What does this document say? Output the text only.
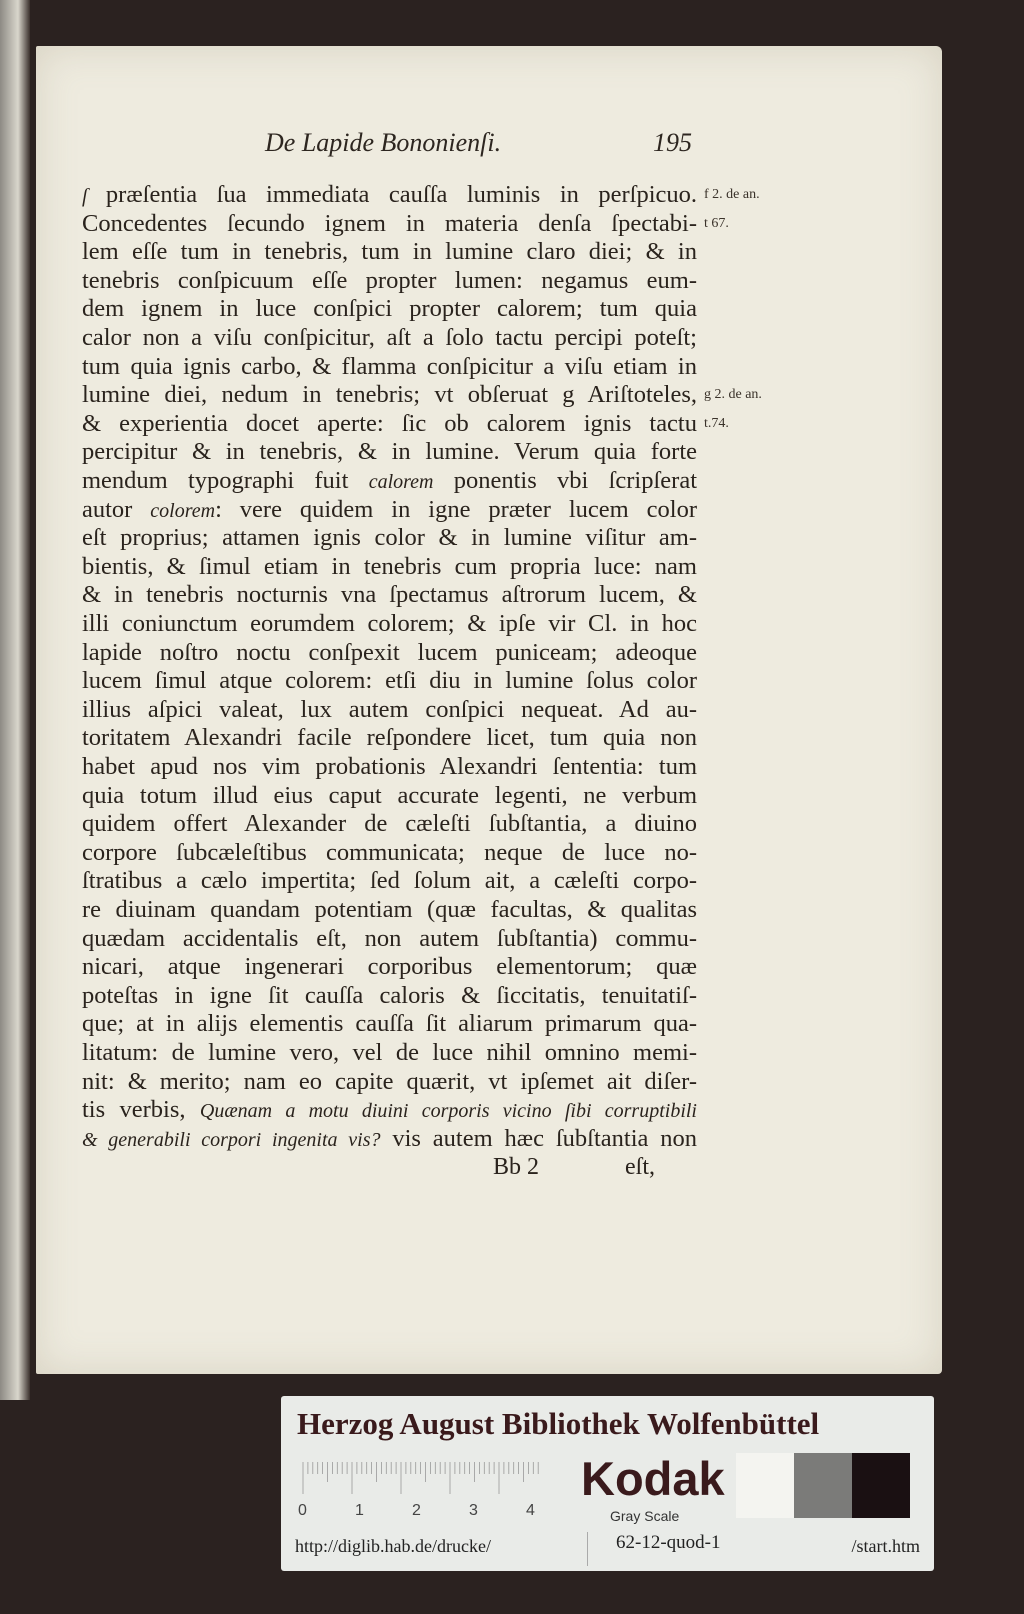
De Lapide Bononienſi.	195
ſ præſentia ſua immediata cauſſa luminis in perſpicuo.
Concedentes ſecundo ignem in materia denſa ſpectabi-
lem eſſe tum in tenebris, tum in lumine claro diei; & in
tenebris conſpicuum eſſe propter lumen: negamus eum-
dem ignem in luce conſpici propter calorem; tum quia
calor non a viſu conſpicitur, aſt a ſolo tactu percipi poteſt;
tum quia ignis carbo, & flamma conſpicitur a viſu etiam in
lumine diei, nedum in tenebris; vt obſeruat g Ariſtoteles,
& experientia docet aperte: ſic ob calorem ignis tactu
percipitur & in tenebris, & in lumine. Verum quia forte
mendum typographi fuit calorem ponentis vbi ſcripſerat
autor colorem: vere quidem in igne præter lucem color
eſt proprius; attamen ignis color & in lumine viſitur am-
bientis, & ſimul etiam in tenebris cum propria luce: nam
& in tenebris nocturnis vna ſpectamus aſtrorum lucem, &
illi coniunctum eorumdem colorem; & ipſe vir Cl. in hoc
lapide noſtro noctu conſpexit lucem puniceam; adeoque
lucem ſimul atque colorem: etſi diu in lumine ſolus color
illius aſpici valeat, lux autem conſpici nequeat. Ad au-
toritatem Alexandri facile reſpondere licet, tum quia non
habet apud nos vim probationis Alexandri ſententia: tum
quia totum illud eius caput accurate legenti, ne verbum
quidem offert Alexander de cæleſti ſubſtantia, a diuino
corpore ſubcæleſtibus communicata; neque de luce no-
ſtratibus a cælo impertita; ſed ſolum ait, a cæleſti corpo-
re diuinam quandam potentiam (quæ facultas, & qualitas
quædam accidentalis eſt, non autem ſubſtantia) commu-
nicari, atque ingenerari corporibus elementorum; quæ
poteſtas in igne ſit cauſſa caloris & ſiccitatis, tenuitatiſ-
que; at in alijs elementis cauſſa ſit aliarum primarum qua-
litatum: de lumine vero, vel de luce nihil omnino memi-
nit: & merito; nam eo capite quærit, vt ipſemet ait diſer-
tis verbis, Quænam a motu diuini corporis vicino ſibi corruptibili
& generabili corpori ingenita vis? vis autem hæc ſubſtantia non
f 2. de an.
t 67.
g 2. de an.
t.74.
Bb 2	eſt,
Herzog August Bibliothek Wolfenbüttel
0	1	2	3	4
Kodak
Gray Scale
http://diglib.hab.de/drucke/	62-12-quod-1	/start.htm
